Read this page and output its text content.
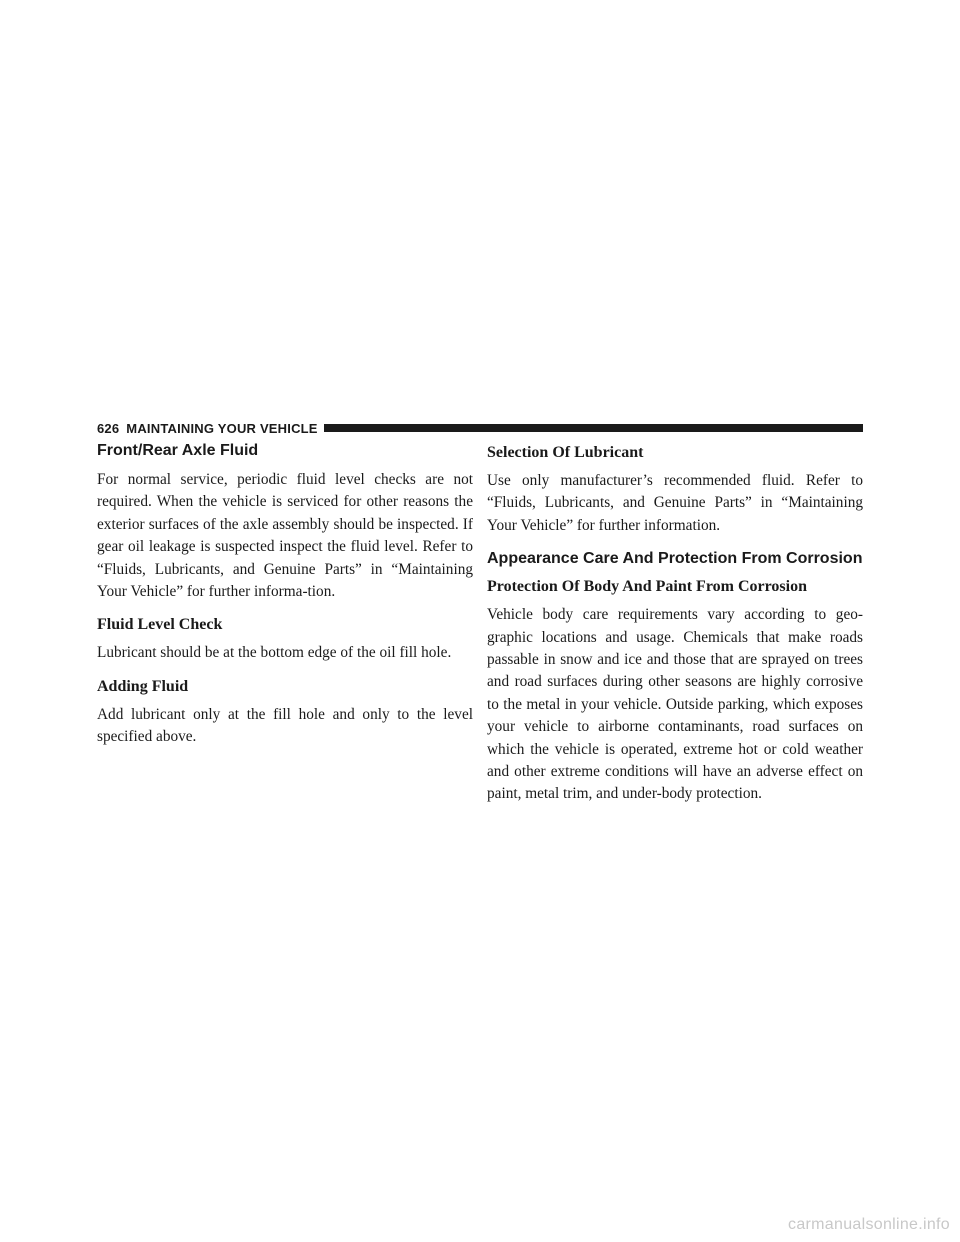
626 MAINTAINING YOUR VEHICLE
Front/Rear Axle Fluid

For normal service, periodic fluid level checks are not required. When the vehicle is serviced for other reasons the exterior surfaces of the axle assembly should be inspected. If gear oil leakage is suspected inspect the fluid level. Refer to “Fluids, Lubricants, and Genuine Parts” in “Maintaining Your Vehicle” for further informa-tion.

Fluid Level Check

Lubricant should be at the bottom edge of the oil fill hole.

Adding Fluid

Add lubricant only at the fill hole and only to the level specified above.

Selection Of Lubricant

Use only manufacturer’s recommended fluid. Refer to “Fluids, Lubricants, and Genuine Parts” in “Maintaining Your Vehicle” for further information.

Appearance Care And Protection From Corrosion
Protection Of Body And Paint From Corrosion

Vehicle body care requirements vary according to geo-graphic locations and usage. Chemicals that make roads passable in snow and ice and those that are sprayed on trees and road surfaces during other seasons are highly corrosive to the metal in your vehicle. Outside parking, which exposes your vehicle to airborne contaminants, road surfaces on which the vehicle is operated, extreme hot or cold weather and other extreme conditions will have an adverse effect on paint, metal trim, and under-body protection.

carmanualsonline.info
